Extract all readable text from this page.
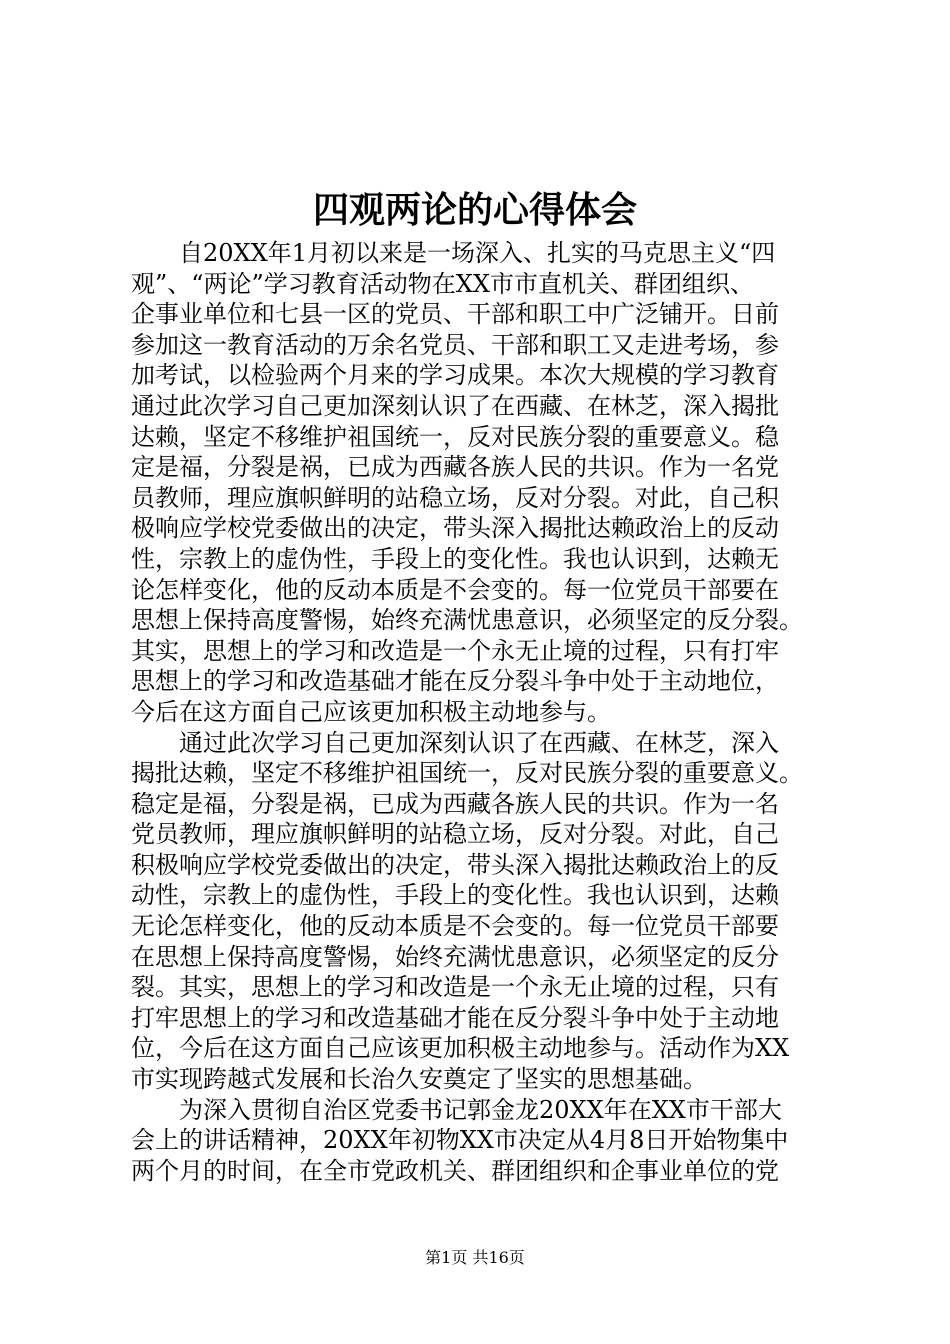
四观两论的心得体会
　　自20XX年1月初以来是一场深入、扎实的马克思主义“四
观”、“两论”学习教育活动物在XX市市直机关、群团组织、
企事业单位和七县一区的党员、干部和职工中广泛铺开。日前
参加这一教育活动的万余名党员、干部和职工又走进考场，参
加考试，以检验两个月来的学习成果。本次大规模的学习教育
通过此次学习自己更加深刻认识了在西藏、在林芝，深入揭批
达赖，坚定不移维护祖国统一，反对民族分裂的重要意义。稳
定是福，分裂是祸，已成为西藏各族人民的共识。作为一名党
员教师，理应旗帜鲜明的站稳立场，反对分裂。对此，自己积
极响应学校党委做出的决定，带头深入揭批达赖政治上的反动
性，宗教上的虚伪性，手段上的变化性。我也认识到，达赖无
论怎样变化，他的反动本质是不会变的。每一位党员干部要在
思想上保持高度警惕，始终充满忧患意识，必须坚定的反分裂。
其实，思想上的学习和改造是一个永无止境的过程，只有打牢
思想上的学习和改造基础才能在反分裂斗争中处于主动地位，
今后在这方面自己应该更加积极主动地参与。
　　通过此次学习自己更加深刻认识了在西藏、在林芝，深入
揭批达赖，坚定不移维护祖国统一，反对民族分裂的重要意义。
稳定是福，分裂是祸，已成为西藏各族人民的共识。作为一名
党员教师，理应旗帜鲜明的站稳立场，反对分裂。对此，自己
积极响应学校党委做出的决定，带头深入揭批达赖政治上的反
动性，宗教上的虚伪性，手段上的变化性。我也认识到，达赖
无论怎样变化，他的反动本质是不会变的。每一位党员干部要
在思想上保持高度警惕，始终充满忧患意识，必须坚定的反分
裂。其实，思想上的学习和改造是一个永无止境的过程，只有
打牢思想上的学习和改造基础才能在反分裂斗争中处于主动地
位，今后在这方面自己应该更加积极主动地参与。活动作为XX
市实现跨越式发展和长治久安奠定了坚实的思想基础。
　　为深入贯彻自治区党委书记郭金龙20XX年在XX市干部大
会上的讲话精神，20XX年初物XX市决定从4月8日开始物集中
两个月的时间，在全市党政机关、群团组织和企事业单位的党
第1页 共16页
